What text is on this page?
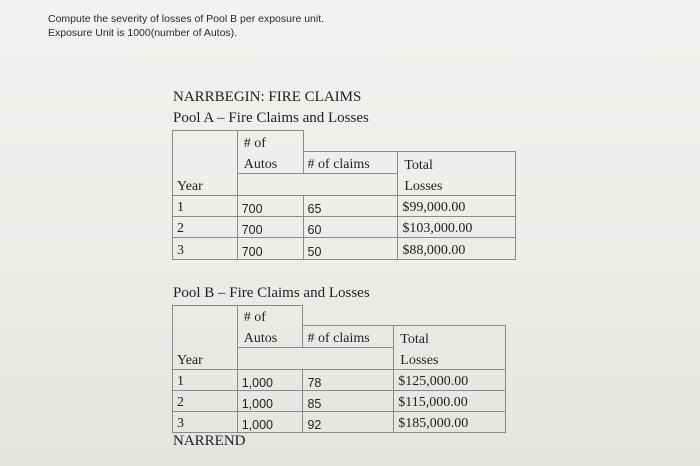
Compute the severity of losses of Pool B per exposure unit.
Exposure Unit is 1000(number of Autos).
NARRBEGIN: FIRE CLAIMS
Pool A – Fire Claims and Losses
	# of		
	Autos	# of claims	Total
Year			Losses
1	700	65	$99,000.00
2	700	60	$103,000.00
3	700	50	$88,000.00
Pool B – Fire Claims and Losses
	# of		
	Autos	# of claims	Total
Year			Losses
1	1,000	78	$125,000.00
2	1,000	85	$115,000.00
3	1,000	92	$185,000.00
NARREND
